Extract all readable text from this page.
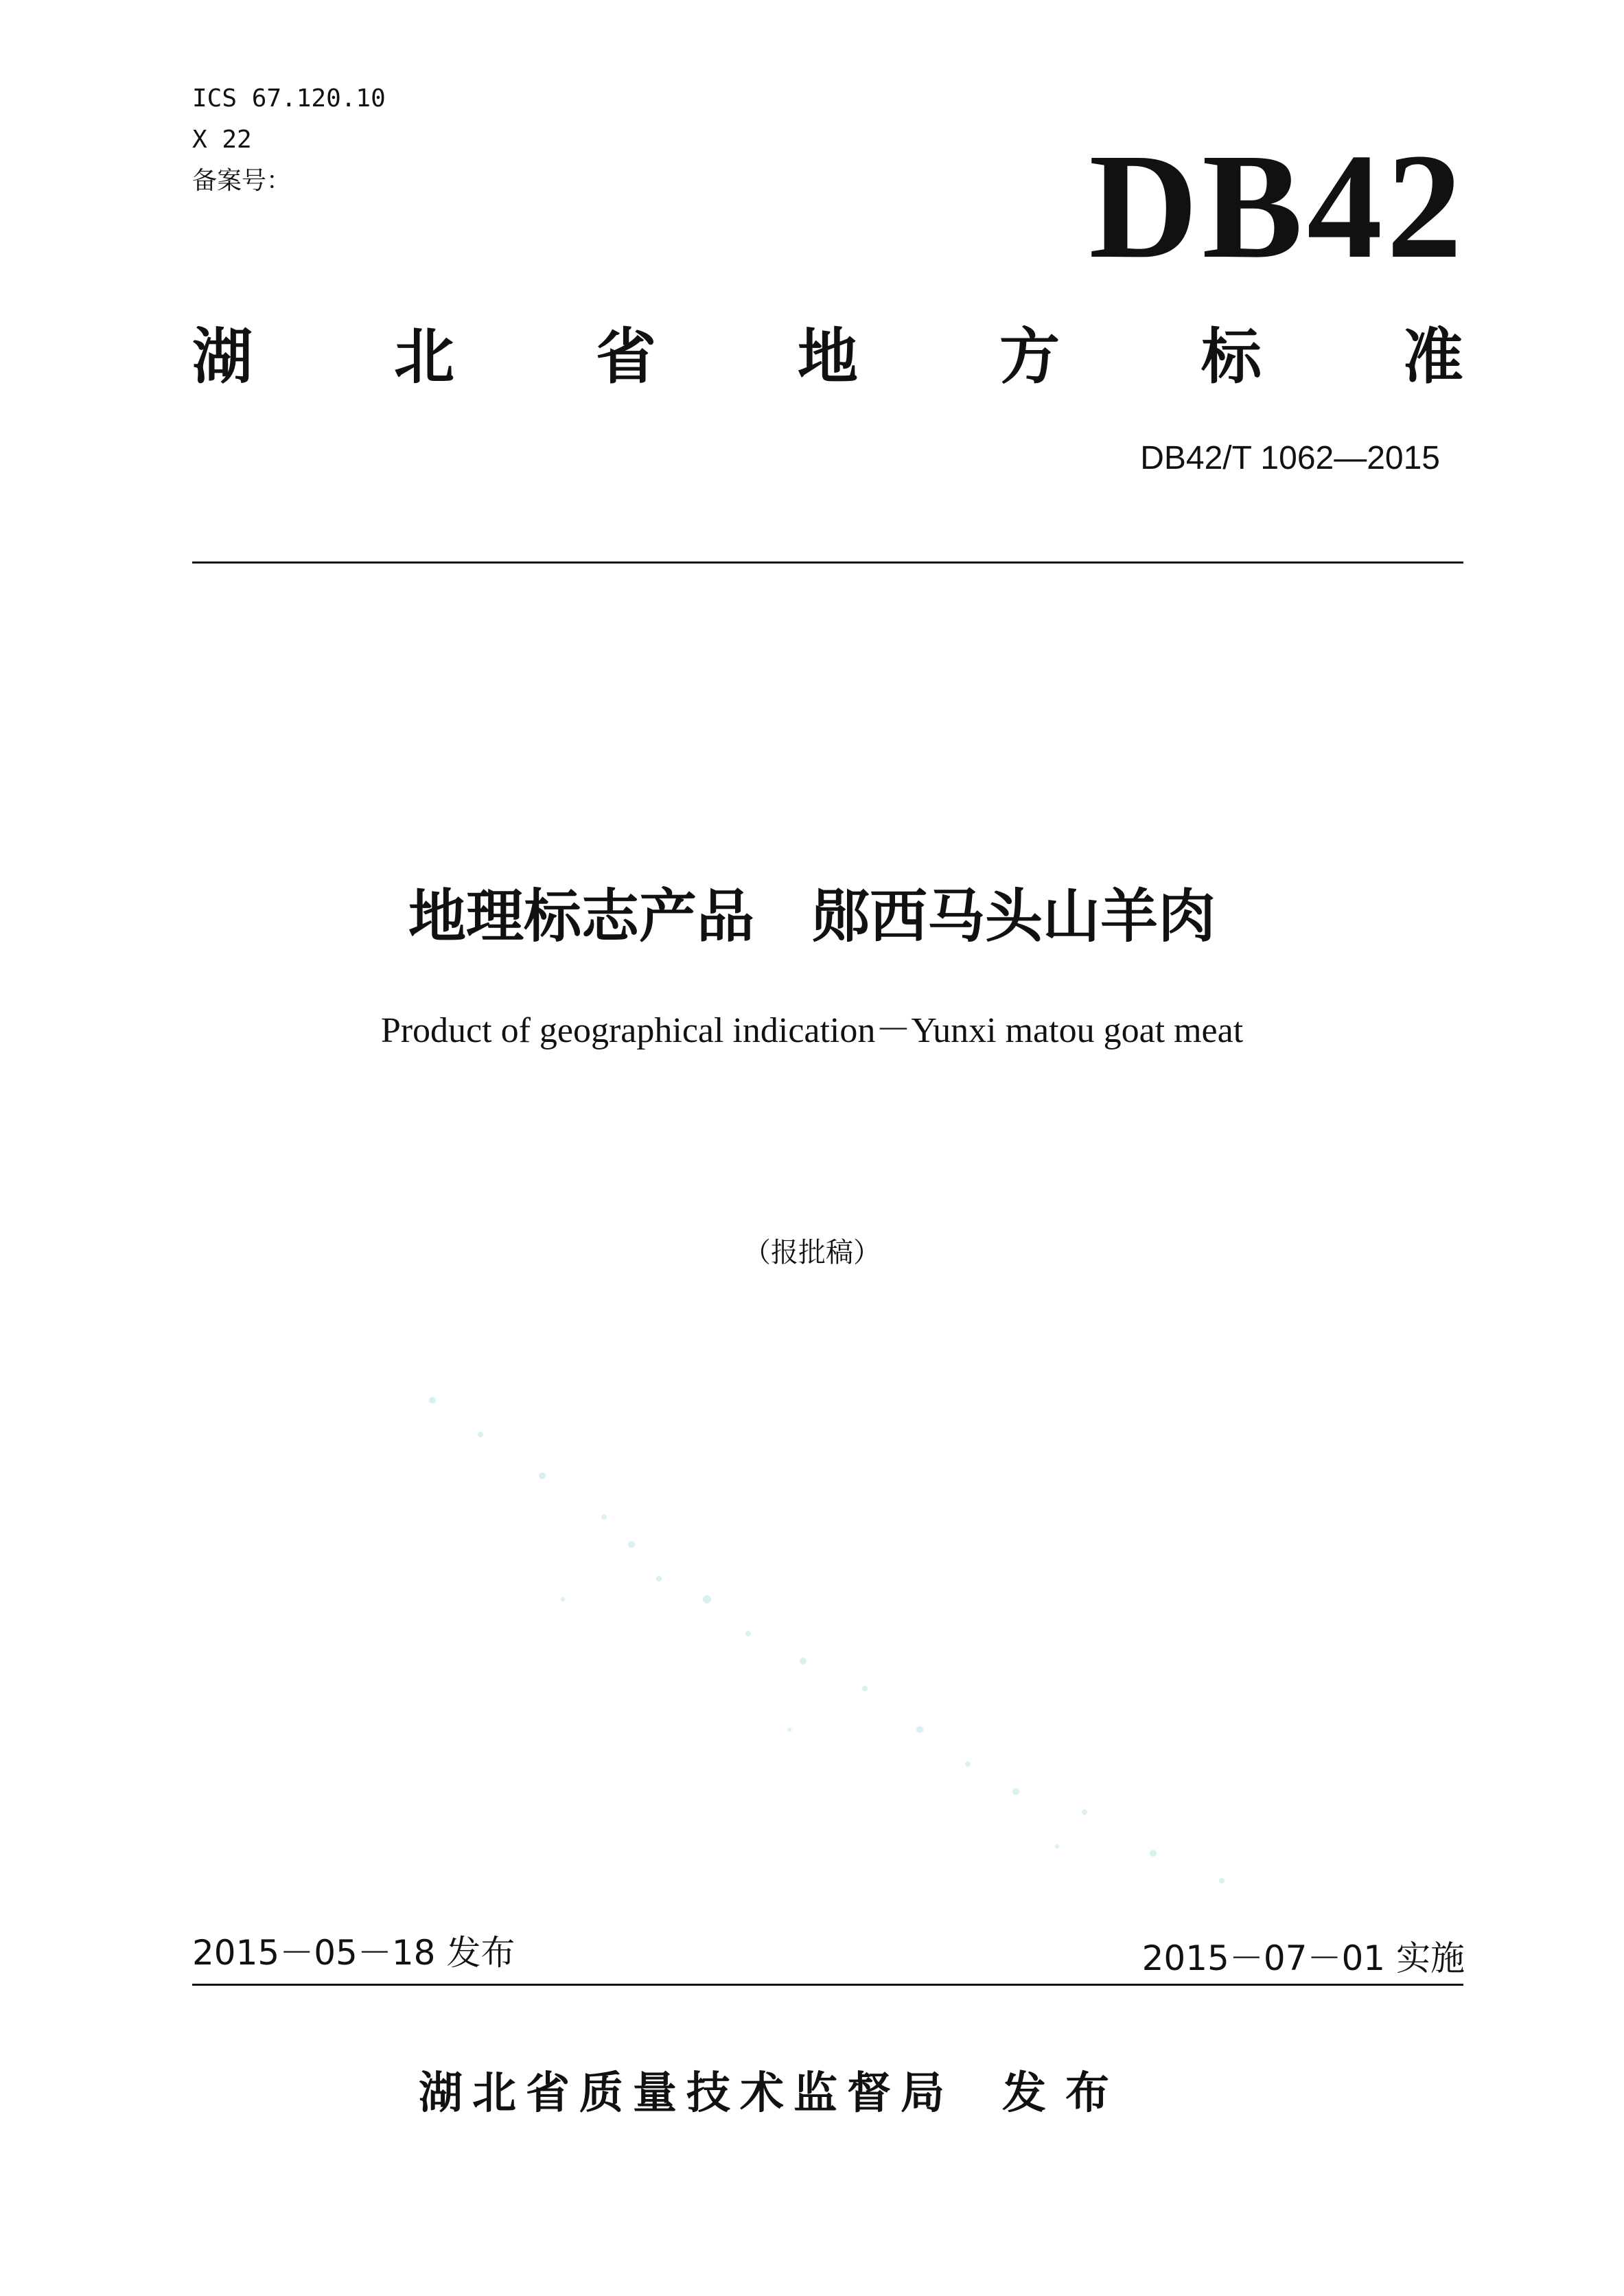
ICS 67.120.10
X 22
备案号：	DB42
湖 北 省 地 方 标 准
DB42/T 1062—2015
地理标志产品　郧西马头山羊肉
Product of geographical indication－Yunxi matou goat meat
（报批稿）
2015－05－18 发布	2015－07－01 实施
湖北省质量技术监督局 发布
